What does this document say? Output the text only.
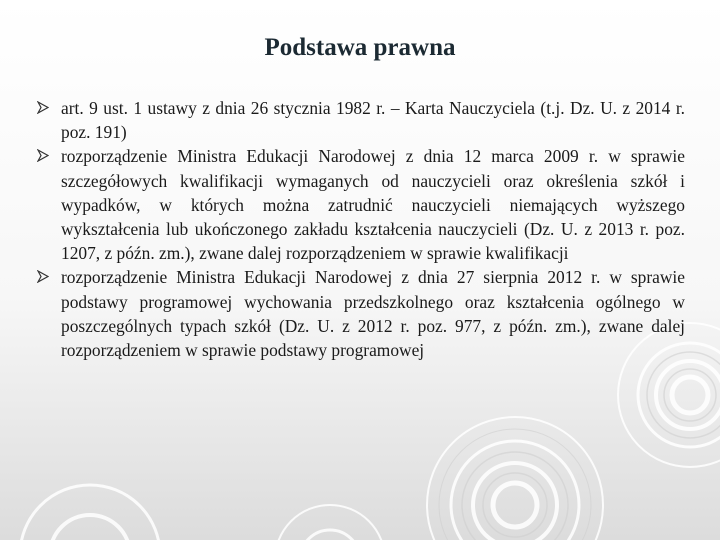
Podstawa prawna
art. 9 ust. 1 ustawy z dnia 26 stycznia 1982 r. – Karta Nauczyciela (t.j. Dz. U. z 2014 r. poz. 191)
rozporządzenie Ministra Edukacji Narodowej z dnia 12 marca 2009 r. w sprawie szczegółowych kwalifikacji wymaganych od nauczycieli oraz określenia szkół i wypadków, w których można zatrudnić nauczycieli niemających wyższego wykształcenia lub ukończonego zakładu kształcenia nauczycieli (Dz. U. z 2013 r. poz. 1207, z późn. zm.), zwane dalej rozporządzeniem w sprawie kwalifikacji
rozporządzenie Ministra Edukacji Narodowej z dnia 27 sierpnia 2012 r. w sprawie podstawy programowej wychowania przedszkolnego oraz kształcenia ogólnego w poszczególnych typach szkół (Dz. U. z 2012 r. poz. 977, z późn. zm.), zwane dalej rozporządzeniem w sprawie podstawy programowej
